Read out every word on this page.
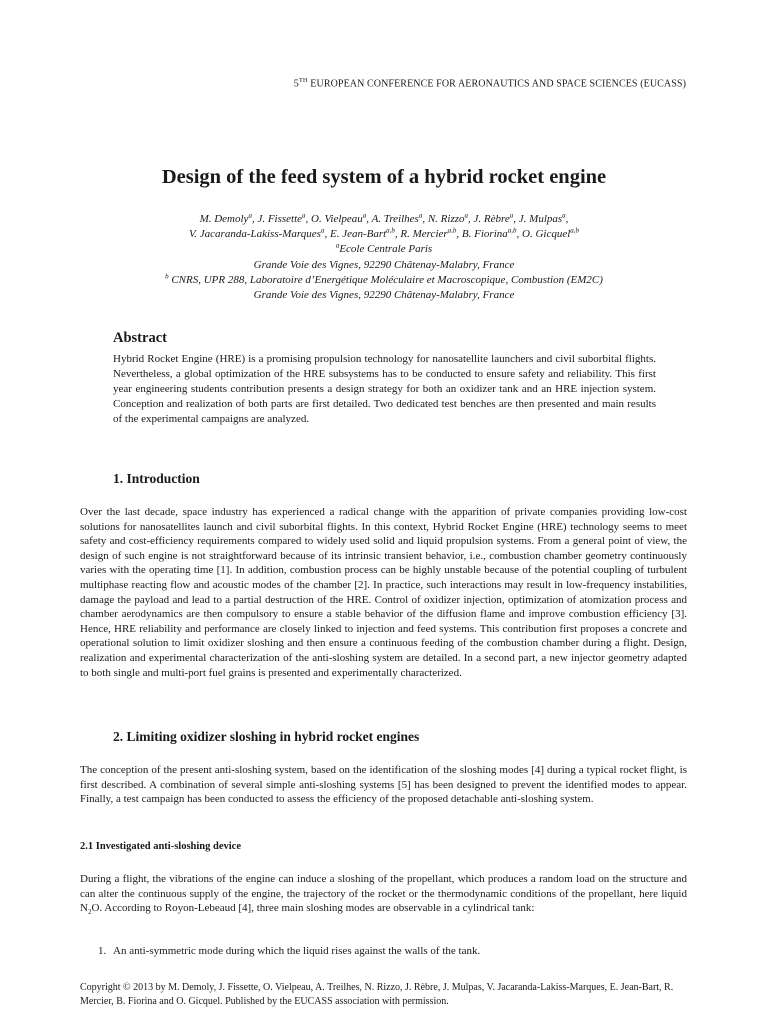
5TH EUROPEAN CONFERENCE FOR AERONAUTICS AND SPACE SCIENCES (EUCASS)
Design of the feed system of a hybrid rocket engine
M. Demoly$^a$, J. Fissette$^a$, O. Vielpeau$^a$, A. Treilhes$^a$, N. Rizzo$^a$, J. Rèbre$^a$, J. Mulpas$^a$,
V. Jacaranda-Lakiss-Marques$^a$, E. Jean-Bart$^{a,b}$, R. Mercier$^{a,b}$, B. Fiorina$^{a,b}$, O. Gicquel$^{a,b}$
$^a$Ecole Centrale Paris
Grande Voie des Vignes, 92290 Châtenay-Malabry, France
$^b$ CNRS, UPR 288, Laboratoire d’Energétique Moléculaire et Macroscopique, Combustion (EM2C)
Grande Voie des Vignes, 92290 Châtenay-Malabry, France
Abstract

Hybrid Rocket Engine (HRE) is a promising propulsion technology for nanosatellite launchers and civil suborbital flights. Nevertheless, a global optimization of the HRE subsystems has to be conducted to ensure safety and reliability. This first year engineering students contribution presents a design strategy for both an oxidizer tank and an HRE injection system. Conception and realization of both parts are first detailed. Two dedicated test benches are then presented and main results of the experimental campaigns are analyzed.

1. Introduction

Over the last decade, space industry has experienced a radical change with the apparition of private companies providing low-cost solutions for nanosatellites launch and civil suborbital flights. In this context, Hybrid Rocket Engine (HRE) technology seems to meet safety and cost-efficiency requirements compared to widely used solid and liquid propulsion systems. From a general point of view, the design of such engine is not straightforward because of its intrinsic transient behavior, i.e., combustion chamber geometry continuously varies with the operating time [1]. In addition, combustion process can be highly unstable because of the potential coupling of turbulent multiphase reacting flow and acoustic modes of the chamber [2]. In practice, such interactions may result in low-frequency instabilities, damage the payload and lead to a partial destruction of the HRE. Control of oxidizer injection, optimization of atomization process and chamber aerodynamics are then compulsory to ensure a stable behavior of the diffusion flame and improve combustion efficiency [3]. Hence, HRE reliability and performance are closely linked to injection and feed systems. This contribution first proposes a concrete and operational solution to limit oxidizer sloshing and then ensure a continuous feeding of the combustion chamber during a flight. Design, realization and experimental characterization of the anti-sloshing system are detailed. In a second part, a new injector geometry adapted to both single and multi-port fuel grains is presented and experimentally characterized.

2. Limiting oxidizer sloshing in hybrid rocket engines

The conception of the present anti-sloshing system, based on the identification of the sloshing modes [4] during a typical rocket flight, is first described. A combination of several simple anti-sloshing systems [5] has been designed to prevent the identified modes to appear. Finally, a test campaign has been conducted to assess the efficiency of the proposed detachable anti-sloshing system.

2.1 Investigated anti-sloshing device

During a flight, the vibrations of the engine can induce a sloshing of the propellant, which produces a random load on the structure and can alter the continuous supply of the engine, the trajectory of the rocket or the thermodynamic conditions of the propellant, here liquid $N_2O$. According to Royon-Lebeaud [4], three main sloshing modes are observable in a cylindrical tank:

1. An anti-symmetric mode during which the liquid rises against the walls of the tank.

Copyright © 2013 by M. Demoly, J. Fissette, O. Vielpeau, A. Treilhes, N. Rizzo, J. Rèbre, J. Mulpas, V. Jacaranda-Lakiss-Marques, E. Jean-Bart, R. Mercier, B. Fiorina and O. Gicquel. Published by the EUCASS association with permission.
